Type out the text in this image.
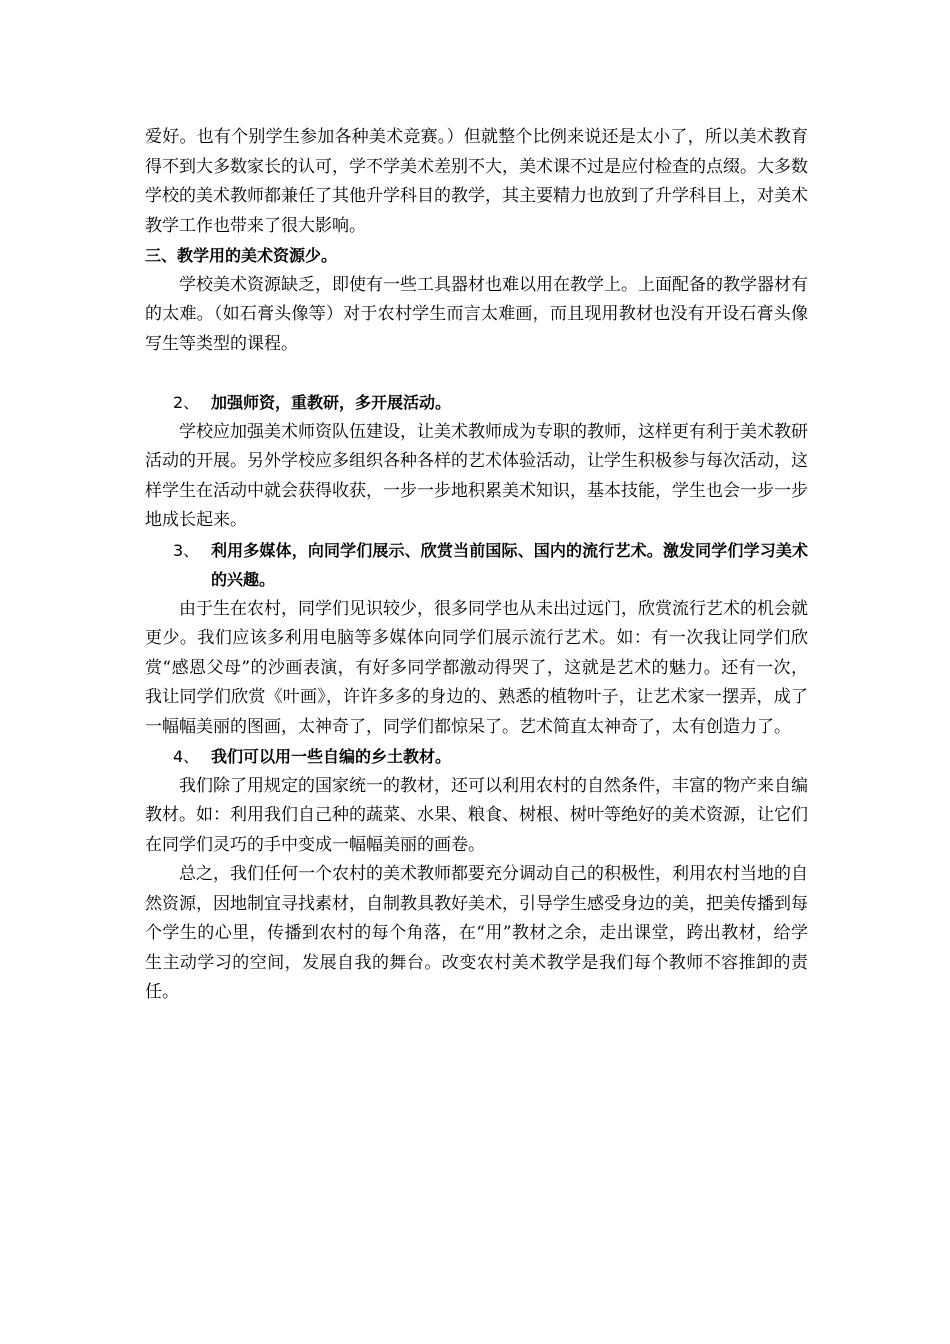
爱好。也有个别学生参加各种美术竞赛。）但就整个比例来说还是太小了，所以美术教育得不到大多数家长的认可，学不学美术差别不大，美术课不过是应付检查的点缀。大多数学校的美术教师都兼任了其他升学科目的教学，其主要精力也放到了升学科目上，对美术教学工作也带来了很大影响。

三、教学用的美术资源少。

学校美术资源缺乏，即使有一些工具器材也难以用在教学上。上面配备的教学器材有的太难。（如石膏头像等）对于农村学生而言太难画，而且现用教材也没有开设石膏头像写生等类型的课程。

2、 加强师资，重教研，多开展活动。

学校应加强美术师资队伍建设，让美术教师成为专职的教师，这样更有利于美术教研活动的开展。另外学校应多组织各种各样的艺术体验活动，让学生积极参与每次活动，这样学生在活动中就会获得收获，一步一步地积累美术知识，基本技能，学生也会一步一步地成长起来。

3、 利用多媒体，向同学们展示、欣赏当前国际、国内的流行艺术。激发同学们学习美术的兴趣。

由于生在农村，同学们见识较少，很多同学也从未出过远门，欣赏流行艺术的机会就更少。我们应该多利用电脑等多媒体向同学们展示流行艺术。如：有一次我让同学们欣赏“感恩父母”的沙画表演，有好多同学都激动得哭了，这就是艺术的魅力。还有一次，我让同学们欣赏《叶画》，许许多多的身边的、熟悉的植物叶子，让艺术家一摆弄，成了一幅幅美丽的图画，太神奇了，同学们都惊呆了。艺术简直太神奇了，太有创造力了。

4、 我们可以用一些自编的乡土教材。

我们除了用规定的国家统一的教材，还可以利用农村的自然条件，丰富的物产来自编教材。如：利用我们自己种的蔬菜、水果、粮食、树根、树叶等绝好的美术资源，让它们在同学们灵巧的手中变成一幅幅美丽的画卷。

总之，我们任何一个农村的美术教师都要充分调动自己的积极性，利用农村当地的自然资源，因地制宜寻找素材，自制教具教好美术，引导学生感受身边的美，把美传播到每个学生的心里，传播到农村的每个角落，在“用”教材之余，走出课堂，跨出教材，给学生主动学习的空间，发展自我的舞台。改变农村美术教学是我们每个教师不容推卸的责任。
